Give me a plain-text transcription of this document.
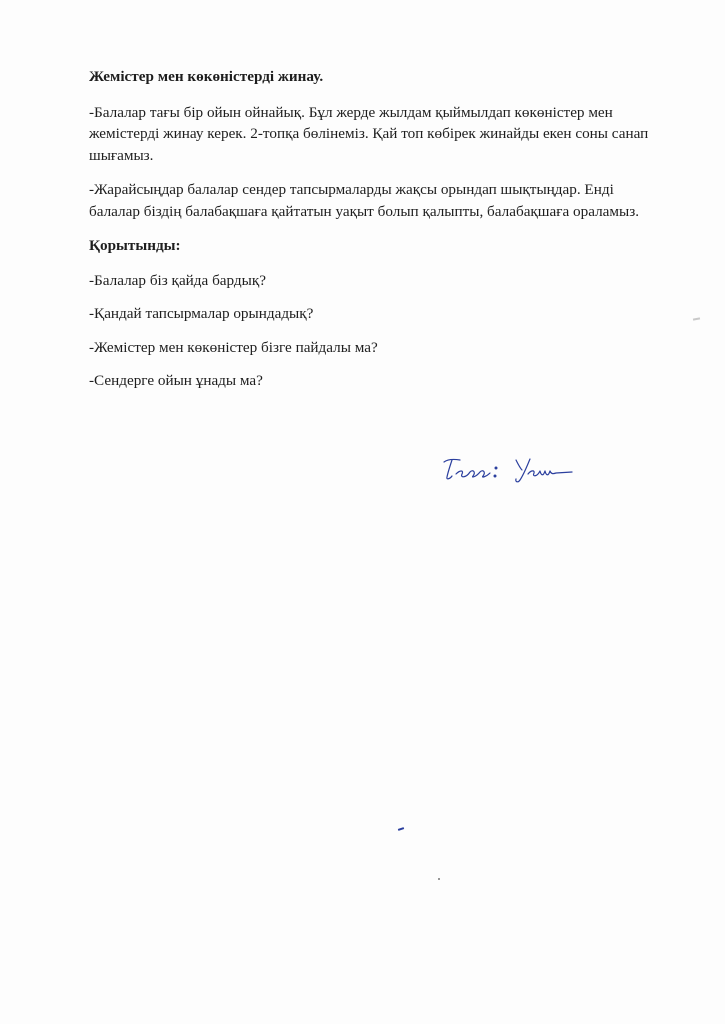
Жемістер мен көкөністерді жинау.

-Балалар тағы бір ойын ойнайық. Бұл жерде жылдам қыймылдап көкөністер мен жемістерді жинау керек. 2-топқа бөлінеміз. Қай топ көбірек жинайды екен соны санап шығамыз.

-Жарайсыңдар балалар сендер тапсырмаларды жақсы орындап шықтыңдар. Енді балалар біздің балабақшаға қайтатын уақыт болып қалыпты, балабақшаға ораламыз.

Қорытынды:

-Балалар біз қайда бардық?

-Қандай тапсырмалар орындадық?

-Жемістер мен көкөністер бізге пайдалы ма?

-Сендерге ойын ұнады ма?
